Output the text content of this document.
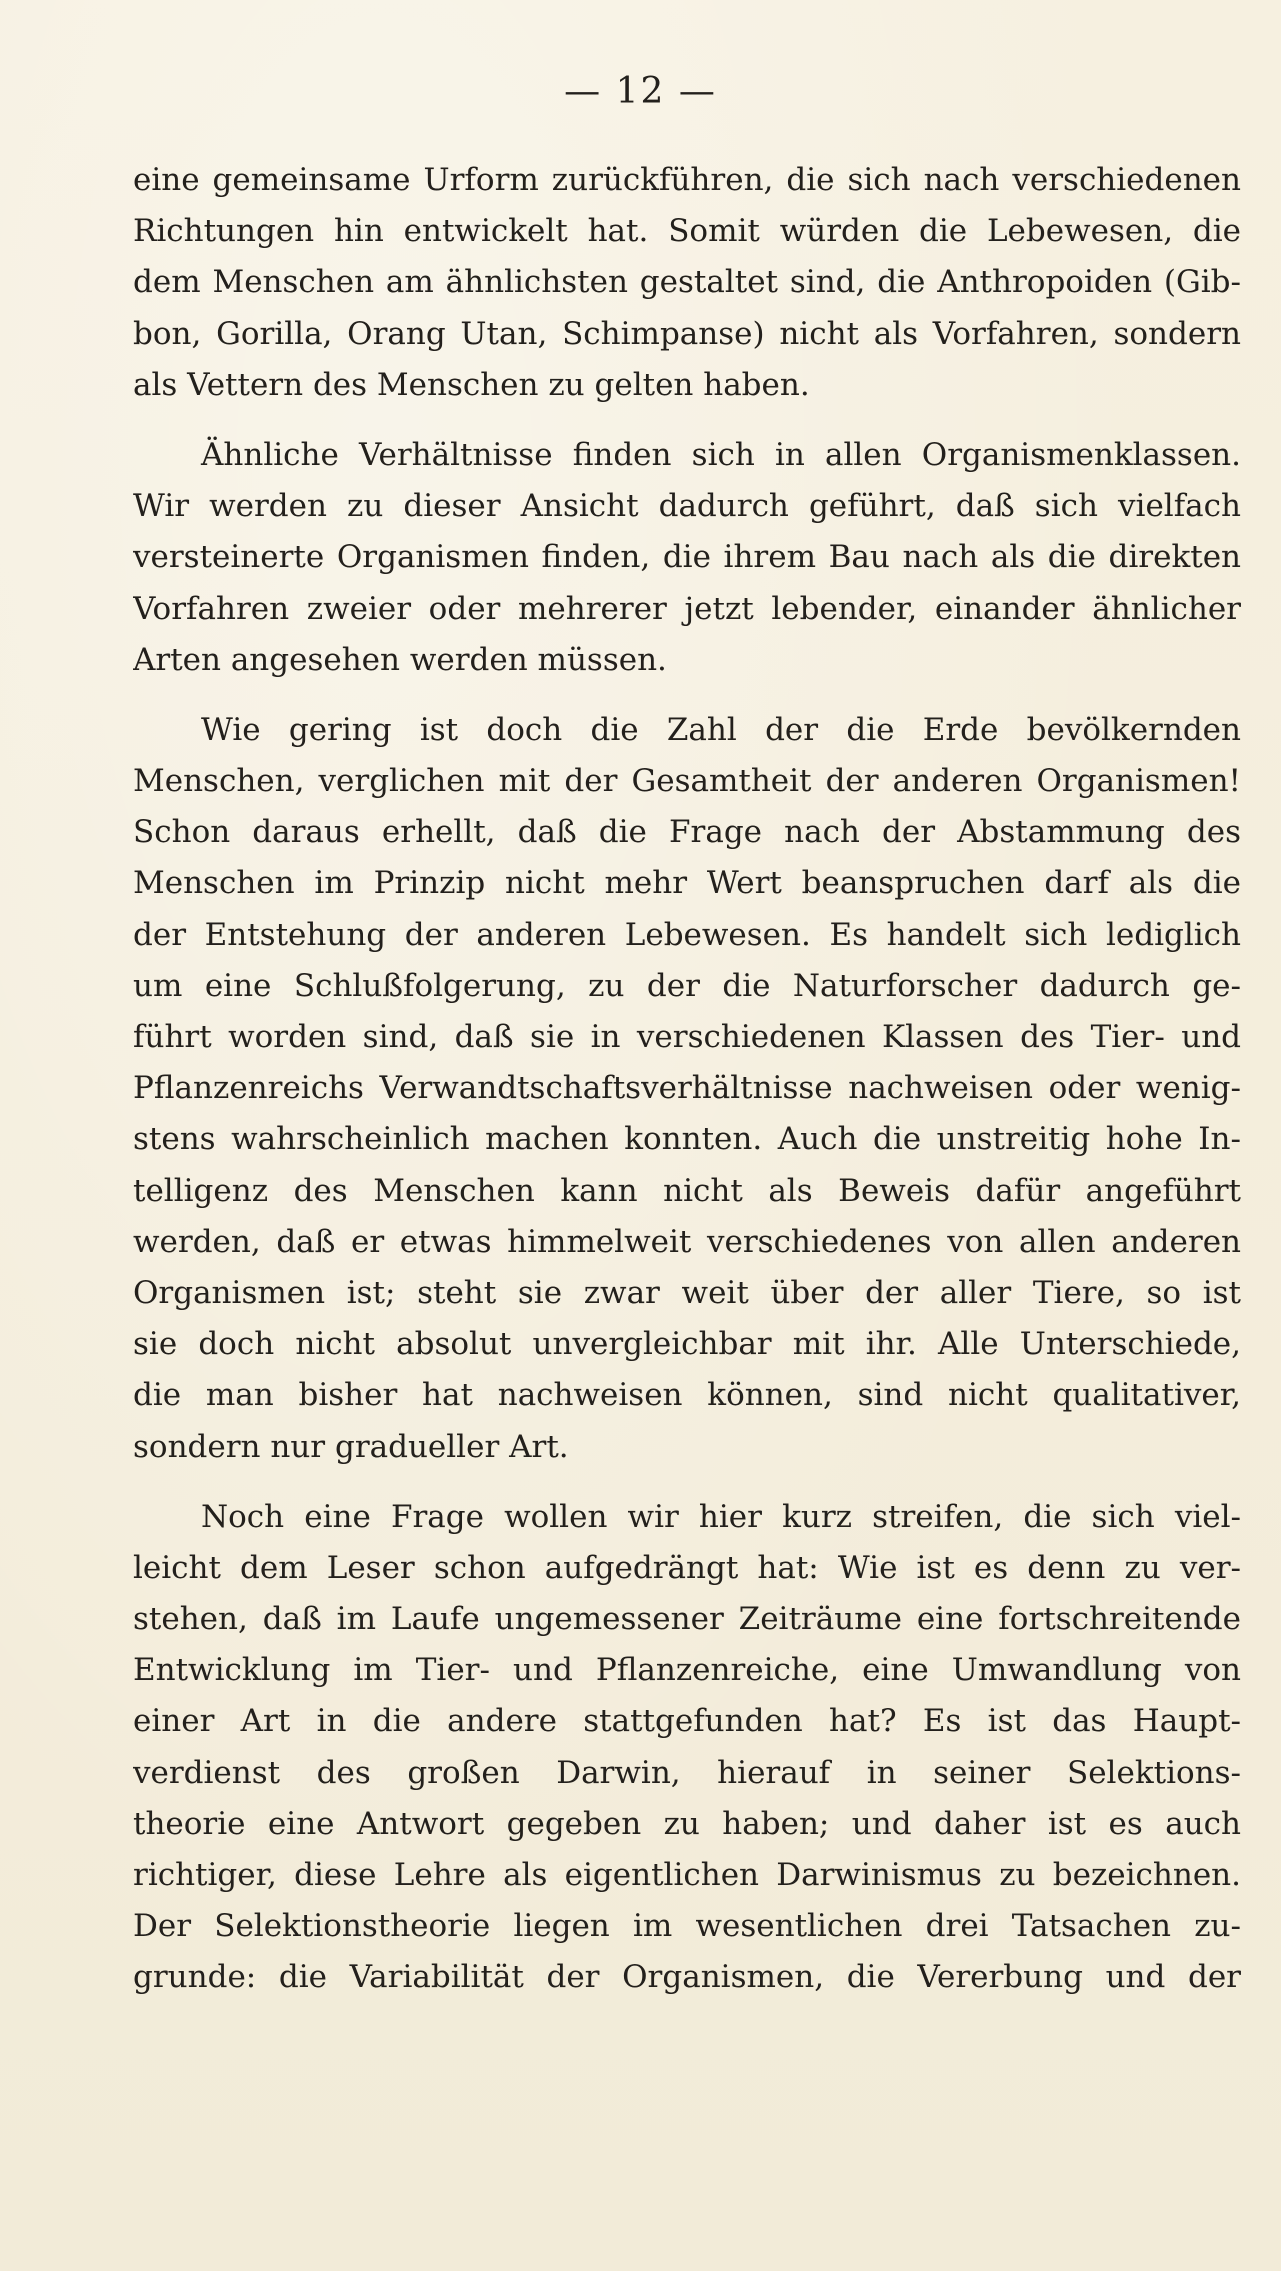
— 12 —

eine gemeinsame Urform zurückführen, die sich nach verschiedenen
Richtungen hin entwickelt hat. Somit würden die Lebewesen, die
dem Menschen am ähnlichsten gestaltet sind, die Anthropoiden (Gib-
bon, Gorilla, Orang Utan, Schimpanse) nicht als Vorfahren, sondern
als Vettern des Menschen zu gelten haben.

Ähnliche Verhältnisse finden sich in allen Organismenklassen.
Wir werden zu dieser Ansicht dadurch geführt, daß sich vielfach
versteinerte Organismen finden, die ihrem Bau nach als die direkten
Vorfahren zweier oder mehrerer jetzt lebender, einander ähnlicher
Arten angesehen werden müssen.

Wie gering ist doch die Zahl der die Erde bevölkernden
Menschen, verglichen mit der Gesamtheit der anderen Organismen!
Schon daraus erhellt, daß die Frage nach der Abstammung des
Menschen im Prinzip nicht mehr Wert beanspruchen darf als die
der Entstehung der anderen Lebewesen. Es handelt sich lediglich
um eine Schlußfolgerung, zu der die Naturforscher dadurch ge-
führt worden sind, daß sie in verschiedenen Klassen des Tier- und
Pflanzenreichs Verwandtschaftsverhältnisse nachweisen oder wenig-
stens wahrscheinlich machen konnten. Auch die unstreitig hohe In-
telligenz des Menschen kann nicht als Beweis dafür angeführt
werden, daß er etwas himmelweit verschiedenes von allen anderen
Organismen ist; steht sie zwar weit über der aller Tiere, so ist
sie doch nicht absolut unvergleichbar mit ihr. Alle Unterschiede,
die man bisher hat nachweisen können, sind nicht qualitativer,
sondern nur gradueller Art.

Noch eine Frage wollen wir hier kurz streifen, die sich viel-
leicht dem Leser schon aufgedrängt hat: Wie ist es denn zu ver-
stehen, daß im Laufe ungemessener Zeiträume eine fortschreitende
Entwicklung im Tier- und Pflanzenreiche, eine Umwandlung von
einer Art in die andere stattgefunden hat? Es ist das Haupt-
verdienst des großen Darwin, hierauf in seiner Selektions-
theorie eine Antwort gegeben zu haben; und daher ist es auch
richtiger, diese Lehre als eigentlichen Darwinismus zu bezeichnen.
Der Selektionstheorie liegen im wesentlichen drei Tatsachen zu-
grunde: die Variabilität der Organismen, die Vererbung und der
